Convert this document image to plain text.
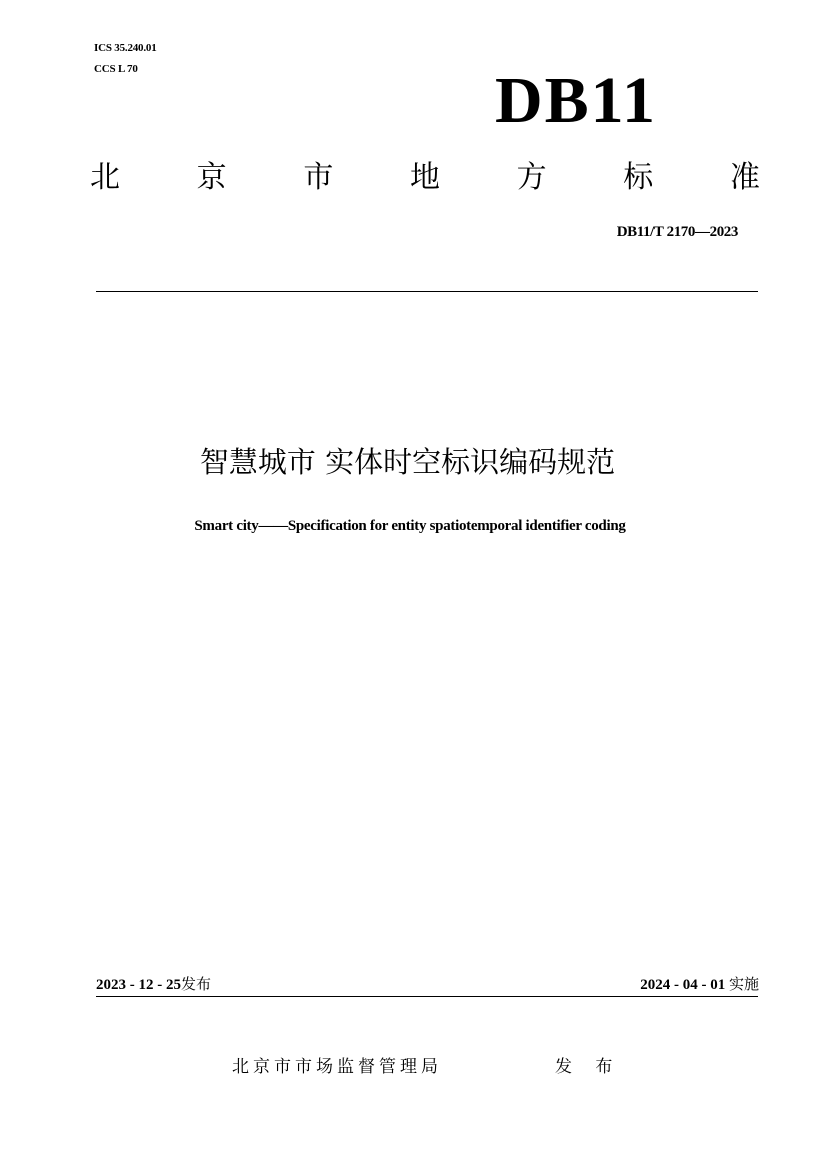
ICS 35.240.01
CCS L 70	DB11
北	京	市	地	方	标	准
DB11/T 2170—2023
智慧城市 实体时空标识编码规范
Smart city——Specification for entity spatiotemporal identifier coding
2023 - 12 - 25发布	2024 - 04 - 01 实施
北京市市场监督管理局	发 布
